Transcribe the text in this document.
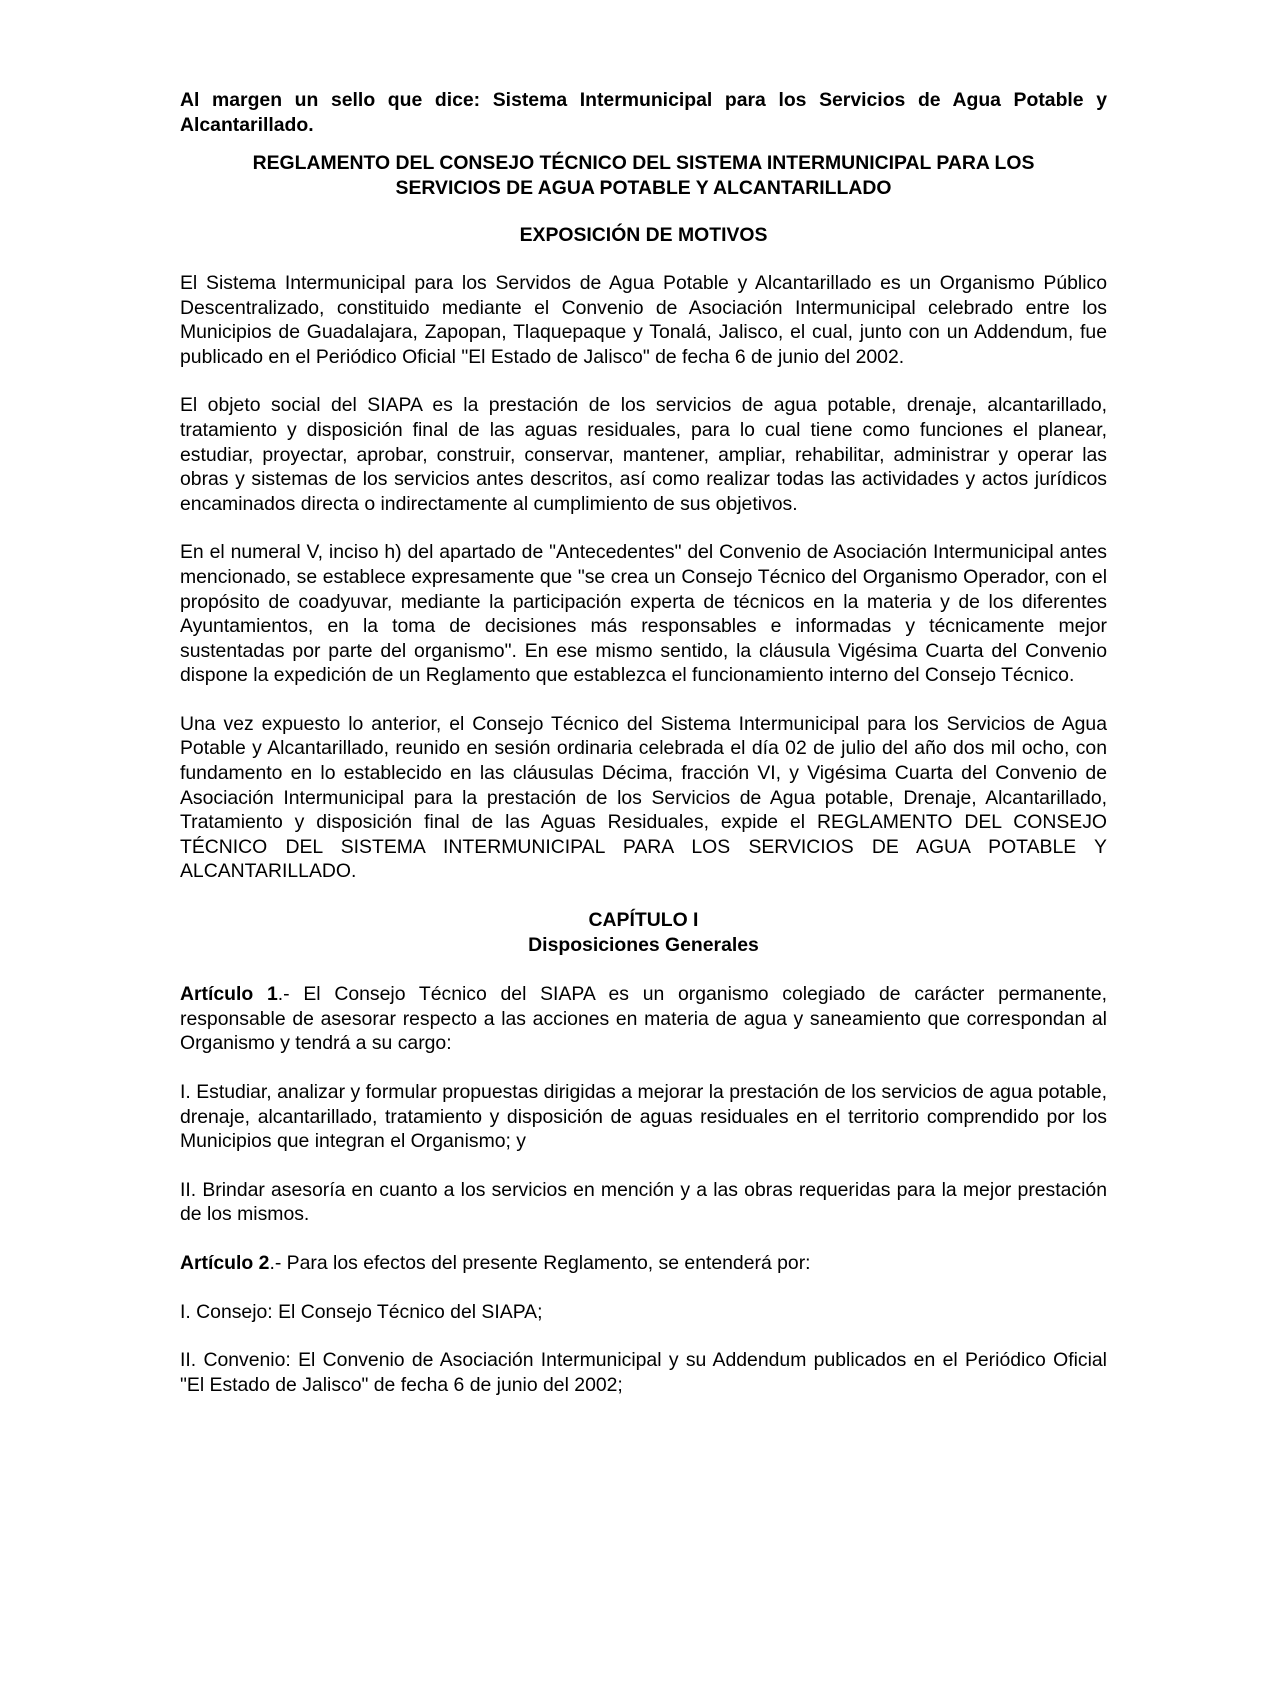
Al margen un sello que dice: Sistema Intermunicipal para los Servicios de Agua Potable y Alcantarillado.

REGLAMENTO DEL CONSEJO TÉCNICO DEL SISTEMA INTERMUNICIPAL PARA LOS
SERVICIOS DE AGUA POTABLE Y ALCANTARILLADO
EXPOSICIÓN DE MOTIVOS

El Sistema Intermunicipal para los Servidos de Agua Potable y Alcantarillado es un Organismo Público Descentralizado, constituido mediante el Convenio de Asociación Intermunicipal celebrado entre los Municipios de Guadalajara, Zapopan, Tlaquepaque y Tonalá, Jalisco, el cual, junto con un Addendum, fue publicado en el Periódico Oficial "El Estado de Jalisco" de fecha 6 de junio del 2002.

El objeto social del SIAPA es la prestación de los servicios de agua potable, drenaje, alcantarillado, tratamiento y disposición final de las aguas residuales, para lo cual tiene como funciones el planear, estudiar, proyectar, aprobar, construir, conservar, mantener, ampliar, rehabilitar, administrar y operar las obras y sistemas de los servicios antes descritos, así como realizar todas las actividades y actos jurídicos encaminados directa o indirectamente al cumplimiento de sus objetivos.

En el numeral V, inciso h) del apartado de "Antecedentes" del Convenio de Asociación Intermunicipal antes mencionado, se establece expresamente que "se crea un Consejo Técnico del Organismo Operador, con el propósito de coadyuvar, mediante la participación experta de técnicos en la materia y de los diferentes Ayuntamientos, en la toma de decisiones más responsables e informadas y técnicamente mejor sustentadas por parte del organismo". En ese mismo sentido, la cláusula Vigésima Cuarta del Convenio dispone la expedición de un Reglamento que establezca el funcionamiento interno del Consejo Técnico.

Una vez expuesto lo anterior, el Consejo Técnico del Sistema Intermunicipal para los Servicios de Agua Potable y Alcantarillado, reunido en sesión ordinaria celebrada el día 02 de julio del año dos mil ocho, con fundamento en lo establecido en las cláusulas Décima, fracción VI, y Vigésima Cuarta del Convenio de Asociación Intermunicipal para la prestación de los Servicios de Agua potable, Drenaje, Alcantarillado, Tratamiento y disposición final de las Aguas Residuales, expide el REGLAMENTO DEL CONSEJO TÉCNICO DEL SISTEMA INTERMUNICIPAL PARA LOS SERVICIOS DE AGUA POTABLE Y ALCANTARILLADO.

CAPÍTULO I
Disposiciones Generales

Artículo 1.- El Consejo Técnico del SIAPA es un organismo colegiado de carácter permanente, responsable de asesorar respecto a las acciones en materia de agua y saneamiento que correspondan al Organismo y tendrá a su cargo:

I. Estudiar, analizar y formular propuestas dirigidas a mejorar la prestación de los servicios de agua potable, drenaje, alcantarillado, tratamiento y disposición de aguas residuales en el territorio comprendido por los Municipios que integran el Organismo; y

II. Brindar asesoría en cuanto a los servicios en mención y a las obras requeridas para la mejor prestación de los mismos.

Artículo 2.- Para los efectos del presente Reglamento, se entenderá por:

I. Consejo: El Consejo Técnico del SIAPA;

II. Convenio: El Convenio de Asociación Intermunicipal y su Addendum publicados en el Periódico Oficial "El Estado de Jalisco" de fecha 6 de junio del 2002;
